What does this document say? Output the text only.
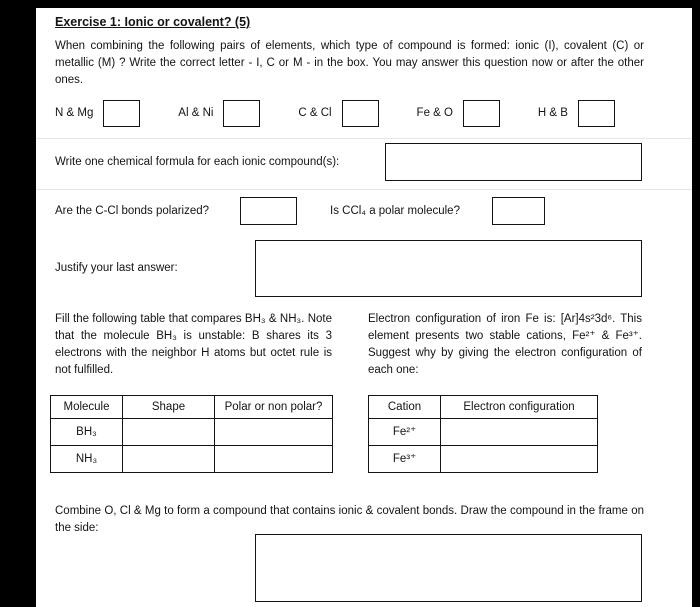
Exercise 1: Ionic or covalent? (5)
When combining the following pairs of elements, which type of compound is formed: ionic (I), covalent (C) or metallic (M) ? Write the correct letter - I, C or M - in the box. You may answer this question now or after the other ones.
N & Mg	Al & Ni	C & Cl	Fe & O	H & B
Write one chemical formula for each ionic compound(s):
Are the C-Cl bonds polarized?	Is CCl₄ a polar molecule?
Justify your last answer:
Fill the following table that compares BH₃ & NH₃. Note that the molecule BH₃ is unstable: B shares its 3 electrons with the neighbor H atoms but octet rule is not fulfilled.
Electron configuration of iron Fe is: [Ar]4s²3d⁶. This element presents two stable cations, Fe²⁺ & Fe³⁺. Suggest why by giving the electron configuration of each one:
Molecule	Shape	Polar or non polar?
BH₃		
NH₃		
Cation	Electron configuration
Fe²⁺	
Fe³⁺	
Combine O, Cl & Mg to form a compound that contains ionic & covalent bonds. Draw the compound in the frame on the side:
